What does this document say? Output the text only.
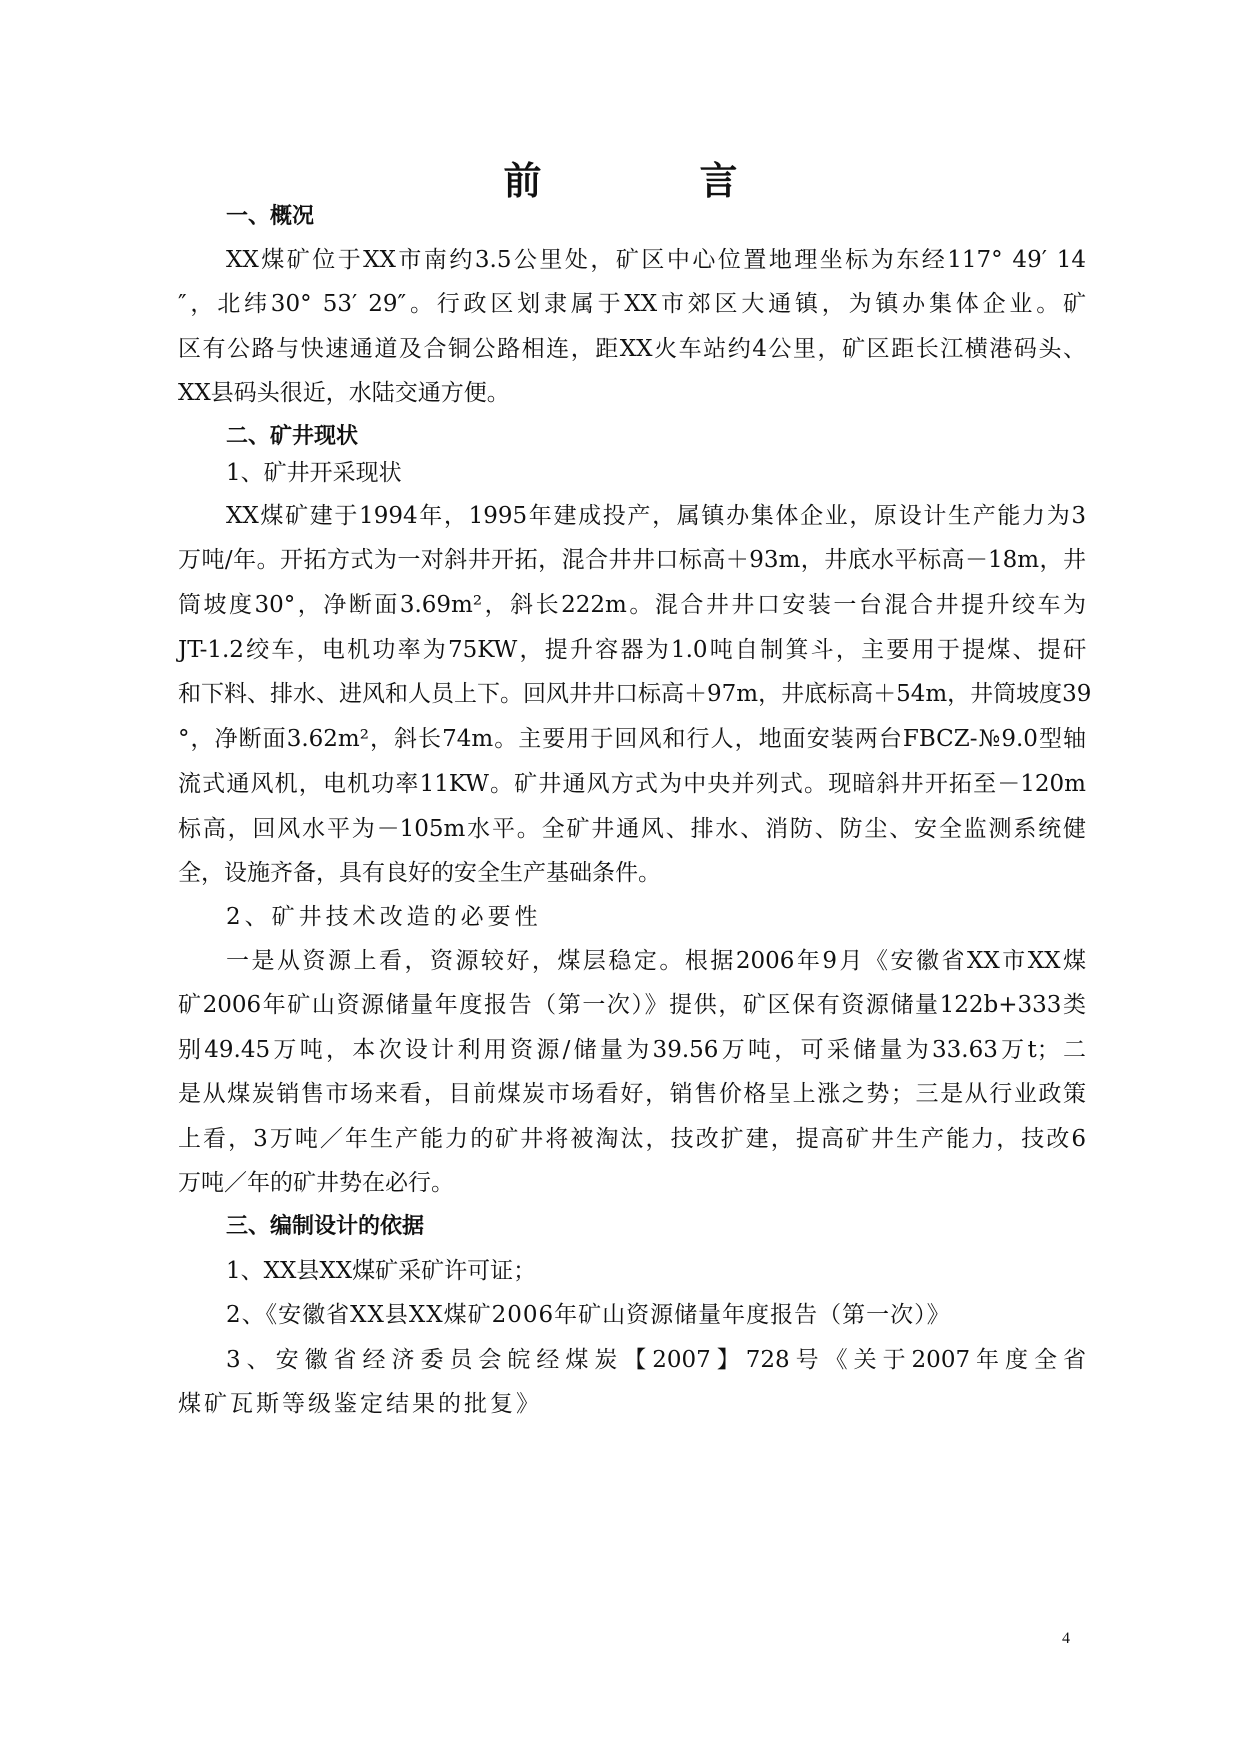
前　言
一、概况
XX煤矿位于XX市南约3.5公里处，矿区中心位置地理坐标为东经117° 49′ 14
″，北纬30° 53′ 29″。行政区划隶属于XX市郊区大通镇，为镇办集体企业。矿
区有公路与快速通道及合铜公路相连，距XX火车站约4公里，矿区距长江横港码头、
XX县码头很近，水陆交通方便。
二、矿井现状
1、矿井开采现状
XX煤矿建于1994年，1995年建成投产，属镇办集体企业，原设计生产能力为3
万吨/年。开拓方式为一对斜井开拓，混合井井口标高＋93m，井底水平标高－18m，井
筒坡度30°，净断面3.69m²，斜长222m。混合井井口安装一台混合井提升绞车为
JT-1.2绞车，电机功率为75KW，提升容器为1.0吨自制箕斗，主要用于提煤、提矸
和下料、排水、进风和人员上下。回风井井口标高＋97m，井底标高＋54m，井筒坡度39
°，净断面3.62m²，斜长74m。主要用于回风和行人，地面安装两台FBCZ-№9.0型轴
流式通风机，电机功率11KW。矿井通风方式为中央并列式。现暗斜井开拓至－120m
标高，回风水平为－105m水平。全矿井通风、排水、消防、防尘、安全监测系统健
全，设施齐备，具有良好的安全生产基础条件。
2、矿井技术改造的必要性
一是从资源上看，资源较好，煤层稳定。根据2006年9月《安徽省XX市XX煤
矿2006年矿山资源储量年度报告（第一次）》提供，矿区保有资源储量122b+333类
别49.45万吨，本次设计利用资源/储量为39.56万吨，可采储量为33.63万t；二
是从煤炭销售市场来看，目前煤炭市场看好，销售价格呈上涨之势；三是从行业政策
上看，3万吨／年生产能力的矿井将被淘汰，技改扩建，提高矿井生产能力，技改6
万吨／年的矿井势在必行。
三、编制设计的依据
1、XX县XX煤矿采矿许可证；
2、《安徽省XX县XX煤矿2006年矿山资源储量年度报告（第一次）》
3、安徽省经济委员会皖经煤炭【2007】728号《关于2007年度全省
煤矿瓦斯等级鉴定结果的批复》
4
